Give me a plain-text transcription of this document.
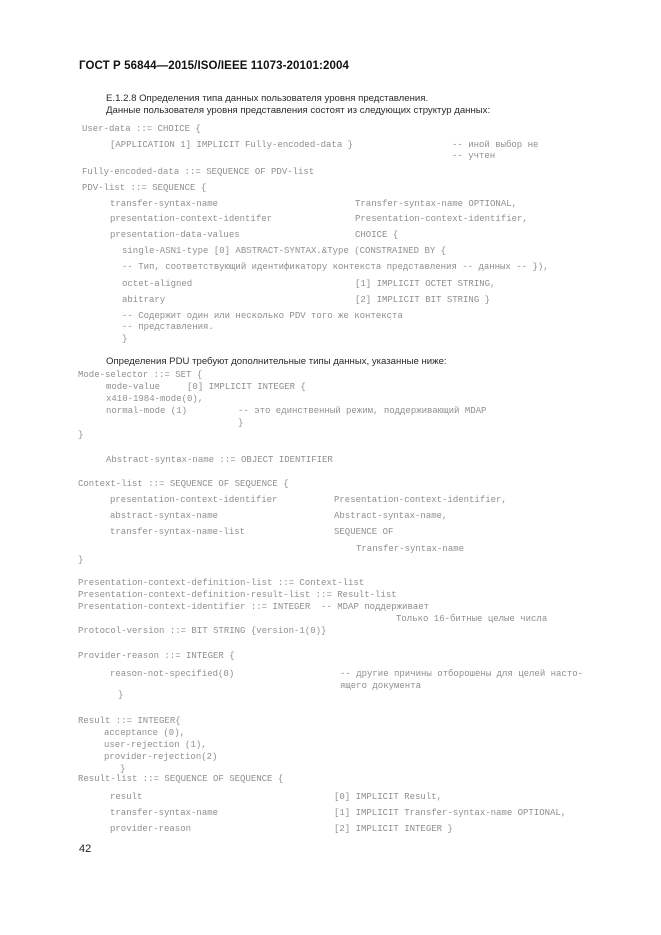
ГОСТ Р 56844—2015/ISO/IEEE 11073-20101:2004
Е.1.2.8 Определения типа данных пользователя уровня представления.
Данные пользователя уровня представления состоят из следующих структур данных:
Определения PDU требуют дополнительные типы данных, указанные ниже:
User-data ::= CHOICE {
[APPLICATION 1] IMPLICIT Fully-encoded-data }	-- иной выбор не
-- учтен
Fully-encoded-data ::= SEQUENCE OF PDV-list
PDV-list ::= SEQUENCE {
transfer-syntax-name	Transfer-syntax-name OPTIONAL,
presentation-context-identifer	Presentation-context-identifier,
presentation-data-values	CHOICE {
single-ASN1-type [0] ABSTRACT-SYNTAX.&Type (CONSTRAINED BY {
-- Тип, соответствующий идентификатору контекста представления -- данных -- }),
octet-aligned	[1] IMPLICIT OCTET STRING,
abitrary	[2] IMPLICIT BIT STRING }
-- Содержит один или несколько PDV того же контекста
-- представления.
}
Mode-selector ::= SET {
mode-value     [0] IMPLICIT INTEGER {
x410-1984-mode(0),
normal-mode (1)	-- это единственный режим, поддерживающий MDAP
}
}
Abstract-syntax-name ::= OBJECT IDENTIFIER
Context-list ::= SEQUENCE OF SEQUENCE {
presentation-context-identifier	Presentation-context-identifier,
abstract-syntax-name	Abstract-syntax-name,
transfer-syntax-name-list	SEQUENCE OF
Transfer-syntax-name
}
Presentation-context-definition-list ::= Context-list
Presentation-context-definition-result-list ::= Result-list
Presentation-context-identifier ::= INTEGER  -- MDAP поддерживает
Только 16-битные целые числа
Protocol-version ::= BIT STRING {version-1(0)}
Provider-reason ::= INTEGER {
reason-not-specified(0)	-- другие причины отборошены для целей насто-
ящего документа
}
Result ::= INTEGER{
acceptance (0),
user-rejection (1),
provider-rejection(2)
}
Result-list ::= SEQUENCE OF SEQUENCE {
result	[0] IMPLICIT Result,
transfer-syntax-name	[1] IMPLICIT Transfer-syntax-name OPTIONAL,
provider-reason	[2] IMPLICIT INTEGER }
42
